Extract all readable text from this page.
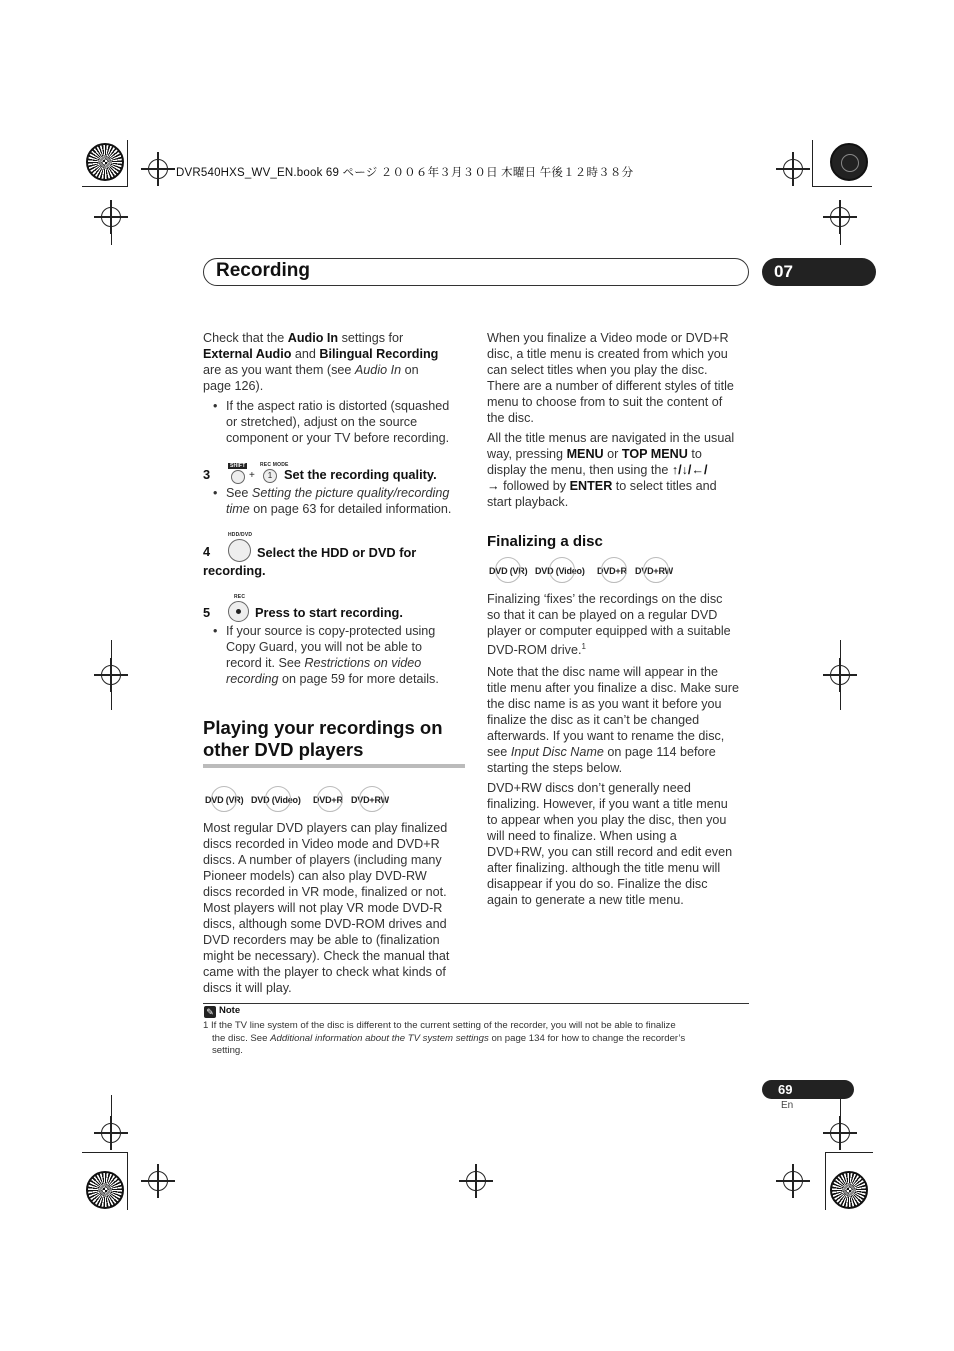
DVR540HXS_WV_EN.book 69 ページ ２００６年３月３０日 木曜日 午後１２時３８分
Recording	07
Check that the Audio In settings for
External Audio and Bilingual Recording
are as you want them (see Audio In on
page 126).
• If the aspect ratio is distorted (squashed
or stretched), adjust on the source
component or your TV before recording.
SHIFT	REC MODE
3	+	1 Set the recording quality.
• See Setting the picture quality/recording
time on page 63 for detailed information.
HDD/DVD
4	Select the HDD or DVD for
recording.
REC
5	Press to start recording.
• If your source is copy-protected using
Copy Guard, you will not be able to
record it. See Restrictions on video
recording on page 59 for more details.
Playing your recordings on
other DVD players
DVD (VR) DVD (Video) DVD+R DVD+RW
Most regular DVD players can play finalized
discs recorded in Video mode and DVD+R
discs. A number of players (including many
Pioneer models) can also play DVD-RW
discs recorded in VR mode, finalized or not.
Most players will not play VR mode DVD-R
discs, although some DVD-ROM drives and
DVD recorders may be able to (finalization
might be necessary). Check the manual that
came with the player to check what kinds of
discs it will play.
When you finalize a Video mode or DVD+R
disc, a title menu is created from which you
can select titles when you play the disc.
There are a number of different styles of title
menu to choose from to suit the content of
the disc.
All the title menus are navigated in the usual
way, pressing MENU or TOP MENU to
display the menu, then using the ↑/↓/←/
→ followed by ENTER to select titles and
start playback.
Finalizing a disc
DVD (VR) DVD (Video) DVD+R DVD+RW
Finalizing ‘fixes’ the recordings on the disc
so that it can be played on a regular DVD
player or computer equipped with a suitable
DVD-ROM drive.$^1$
Note that the disc name will appear in the
title menu after you finalize a disc. Make sure
the disc name is as you want it before you
finalize the disc as it can’t be changed
afterwards. If you want to rename the disc,
see Input Disc Name on page 114 before
starting the steps below.
DVD+RW discs don’t generally need
finalizing. However, if you want a title menu
to appear when you play the disc, then you
will need to finalize. When using a
DVD+RW, you can still record and edit even
after finalizing. although the title menu will
disappear if you do so. Finalize the disc
again to generate a new title menu.
✎ Note
1 If the TV line system of the disc is different to the current setting of the recorder, you will not be able to finalize
the disc. See Additional information about the TV system settings on page 134 for how to change the recorder’s
setting.
69
En
